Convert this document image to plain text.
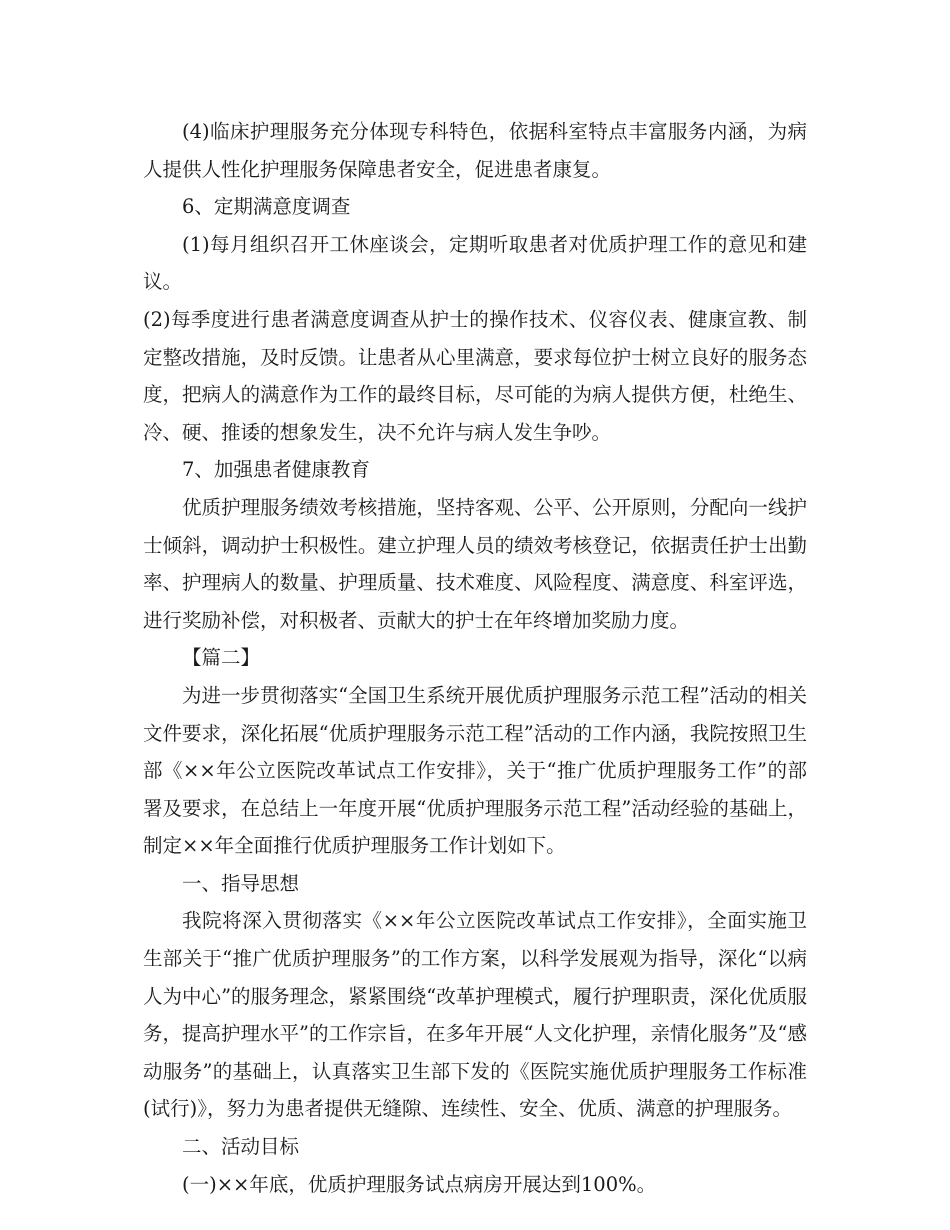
(4)临床护理服务充分体现专科特色，依据科室特点丰富服务内涵，为病人提供人性化护理服务保障患者安全，促进患者康复。

6、定期满意度调查

(1)每月组织召开工休座谈会，定期听取患者对优质护理工作的意见和建议。

(2)每季度进行患者满意度调查从护士的操作技术、仪容仪表、健康宣教、制定整改措施，及时反馈。让患者从心里满意，要求每位护士树立良好的服务态度，把病人的满意作为工作的最终目标，尽可能的为病人提供方便，杜绝生、冷、硬、推诿的想象发生，决不允许与病人发生争吵。

7、加强患者健康教育

优质护理服务绩效考核措施，坚持客观、公平、公开原则，分配向一线护士倾斜，调动护士积极性。建立护理人员的绩效考核登记，依据责任护士出勤率、护理病人的数量、护理质量、技术难度、风险程度、满意度、科室评选，进行奖励补偿，对积极者、贡献大的护士在年终增加奖励力度。

【篇二】

为进一步贯彻落实“全国卫生系统开展优质护理服务示范工程”活动的相关文件要求，深化拓展“优质护理服务示范工程”活动的工作内涵，我院按照卫生部《××年公立医院改革试点工作安排》，关于“推广优质护理服务工作”的部署及要求，在总结上一年度开展“优质护理服务示范工程”活动经验的基础上，制定××年全面推行优质护理服务工作计划如下。

一、指导思想

我院将深入贯彻落实《××年公立医院改革试点工作安排》，全面实施卫生部关于“推广优质护理服务”的工作方案，以科学发展观为指导，深化“以病人为中心”的服务理念，紧紧围绕“改革护理模式，履行护理职责，深化优质服务，提高护理水平”的工作宗旨，在多年开展“人文化护理，亲情化服务”及“感动服务”的基础上，认真落实卫生部下发的《医院实施优质护理服务工作标准(试行)》，努力为患者提供无缝隙、连续性、安全、优质、满意的护理服务。

二、活动目标

(一)××年底，优质护理服务试点病房开展达到100%。
